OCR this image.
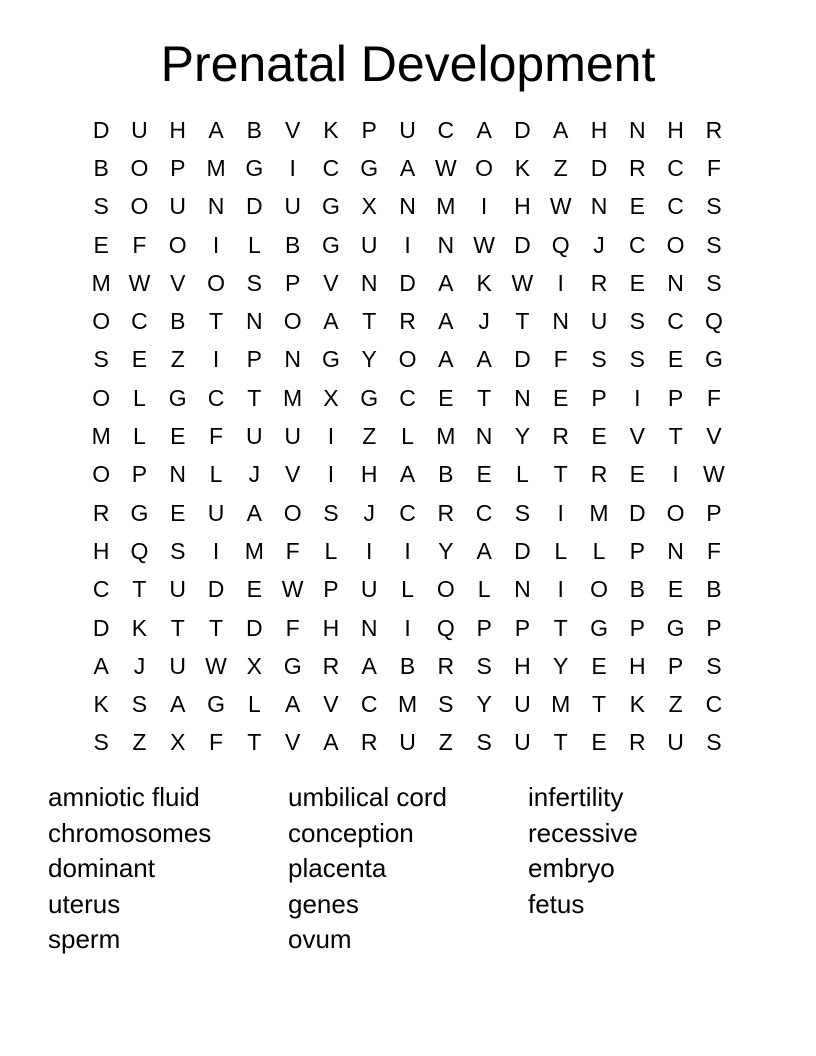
Prenatal Development
D U H A B V K P U C A D A H N H R
B O P M G	I	C G A W O K	Z D R C F
S O U N D U G X N M	I	H W N E C S
E	F O	I	L	B G U	I	N W D Q	J	C O S
M W V O S P V N D A K W	I	R E N S
O C B	T N O A	T R A	J	T N U S C Q
S E	Z	I	P N G Y O A A D F	S S E G
O L G C T M X G C E	T N E P	I	P	F
M L	E	F U U	I	Z	L M N Y R E V	T	V
O P N	L	J	V	I	H A B E	L	T R E	I	W
R G E U A O S	J	C R C S	I	M D O P
H Q S	I	M F	L	I	I	Y A D	L	L	P N F
C T U D E W P U	L O L	N	I	O B E B
D K	T	T D F H N	I	Q P P	T G P G P
A	J	U W X G R A B R S H Y E H P S
K S A G L	A V C M S Y U M T	K	Z C
S	Z	X	F	T	V A R U Z	S U T	E R U S
amniotic fluid
chromosomes
dominant
uterus
sperm
umbilical cord
conception
placenta
genes
ovum
infertility
recessive
embryo
fetus
